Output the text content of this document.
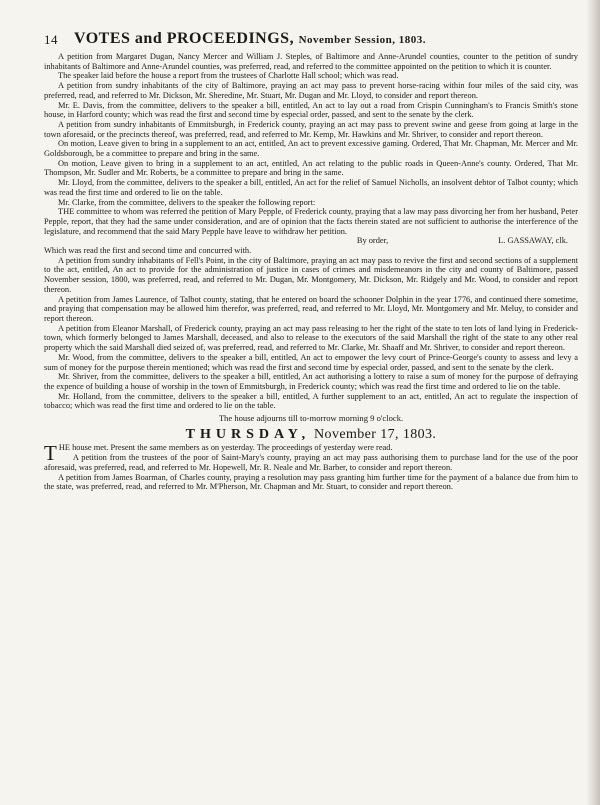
14 VOTES and PROCEEDINGS, November Session, 1803.

A petition from Margaret Dugan, Nancy Mercer and William J. Steples, of Baltimore and Anne-Arundel counties, counter to the petition of sundry inhabitants of Baltimore and Anne-Arundel counties, was preferred, read, and referred to the committee appointed on the petition to which it is counter.

The speaker laid before the house a report from the trustees of Charlotte Hall school; which was read.

A petition from sundry inhabitants of the city of Baltimore, praying an act may pass to prevent horse-racing within four miles of the said city, was preferred, read, and referred to Mr. Dickson, Mr. Sheredine, Mr. Stuart, Mr. Dugan and Mr. Lloyd, to consider and report thereon.

Mr. E. Davis, from the committee, delivers to the speaker a bill, entitled, An act to lay out a road from Crispin Cunningham's to Francis Smith's stone house, in Harford county; which was read the first and second time by especial order, passed, and sent to the senate by the clerk.

A petition from sundry inhabitants of Emmitsburgh, in Frederick county, praying an act may pass to prevent swine and geese from going at large in the town aforesaid, or the precincts thereof, was preferred, read, and referred to Mr. Kemp, Mr. Hawkins and Mr. Shriver, to consider and report thereon.

On motion, Leave given to bring in a supplement to an act, entitled, An act to prevent excessive gaming. Ordered, That Mr. Chapman, Mr. Mercer and Mr. Goldsborough, be a committee to prepare and bring in the same.

On motion, Leave given to bring in a supplement to an act, entitled, An act relating to the public roads in Queen-Anne's county. Ordered, That Mr. Thompson, Mr. Sudler and Mr. Roberts, be a committee to prepare and bring in the same.

Mr. Lloyd, from the committee, delivers to the speaker a bill, entitled, An act for the relief of Samuel Nicholls, an insolvent debtor of Talbot county; which was read the first time and ordered to lie on the table.

Mr. Clarke, from the committee, delivers to the speaker the following report:

THE committee to whom was referred the petition of Mary Pepple, of Frederick county, praying that a law may pass divorcing her from her husband, Peter Pepple, report, that they had the same under consideration, and are of opinion that the facts therein stated are not sufficient to authorise the interference of the legislature, and recommend that the said Mary Pepple have leave to withdraw her petition.

By order,	L. GASSAWAY, clk.

Which was read the first and second time and concurred with.

A petition from sundry inhabitants of Fell's Point, in the city of Baltimore, praying an act may pass to revive the first and second sections of a supplement to the act, entitled, An act to provide for the administration of justice in cases of crimes and misdemeanors in the city and county of Baltimore, passed November session, 1800, was preferred, read, and referred to Mr. Dugan, Mr. Montgomery, Mr. Dickson, Mr. Ridgely and Mr. Wood, to consider and report thereon.

A petition from James Laurence, of Talbot county, stating, that he entered on board the schooner Dolphin in the year 1776, and continued there sometime, and praying that compensation may be allowed him therefor, was preferred, read, and referred to Mr. Lloyd, Mr. Montgomery and Mr. Meluy, to consider and report thereon.

A petition from Eleanor Marshall, of Frederick county, praying an act may pass releasing to her the right of the state to ten lots of land lying in Frederick-town, which formerly belonged to James Marshall, deceased, and also to release to the executors of the said Marshall the right of the state to any other real property which the said Marshall died seized of, was preferred, read, and referred to Mr. Clarke, Mr. Shaaff and Mr. Shriver, to consider and report thereon.

Mr. Wood, from the committee, delivers to the speaker a bill, entitled, An act to empower the levy court of Prince-George's county to assess and levy a sum of money for the purpose therein mentioned; which was read the first and second time by especial order, passed, and sent to the senate by the clerk.

Mr. Shriver, from the committee, delivers to the speaker a bill, entitled, An act authorising a lottery to raise a sum of money for the purpose of defraying the expence of building a house of worship in the town of Emmitsburgh, in Frederick county; which was read the first time and ordered to lie on the table.

Mr. Holland, from the committee, delivers to the speaker a bill, entitled, A further supplement to an act, entitled, An act to regulate the inspection of tobacco; which was read the first time and ordered to lie on the table.

The house adjourns till to-morrow morning 9 o'clock.

THURSDAY, November 17, 1803.

THE house met. Present the same members as on yesterday. The proceedings of yesterday were read.

A petition from the trustees of the poor of Saint-Mary's county, praying an act may pass authorising them to purchase land for the use of the poor aforesaid, was preferred, read, and referred to Mr. Hopewell, Mr. R. Neale and Mr. Barber, to consider and report thereon.

A petition from James Boarman, of Charles county, praying a resolution may pass granting him further time for the payment of a balance due from him to the state, was preferred, read, and referred to Mr. M'Pherson, Mr. Chapman and Mr. Stuart, to consider and report thereon.
